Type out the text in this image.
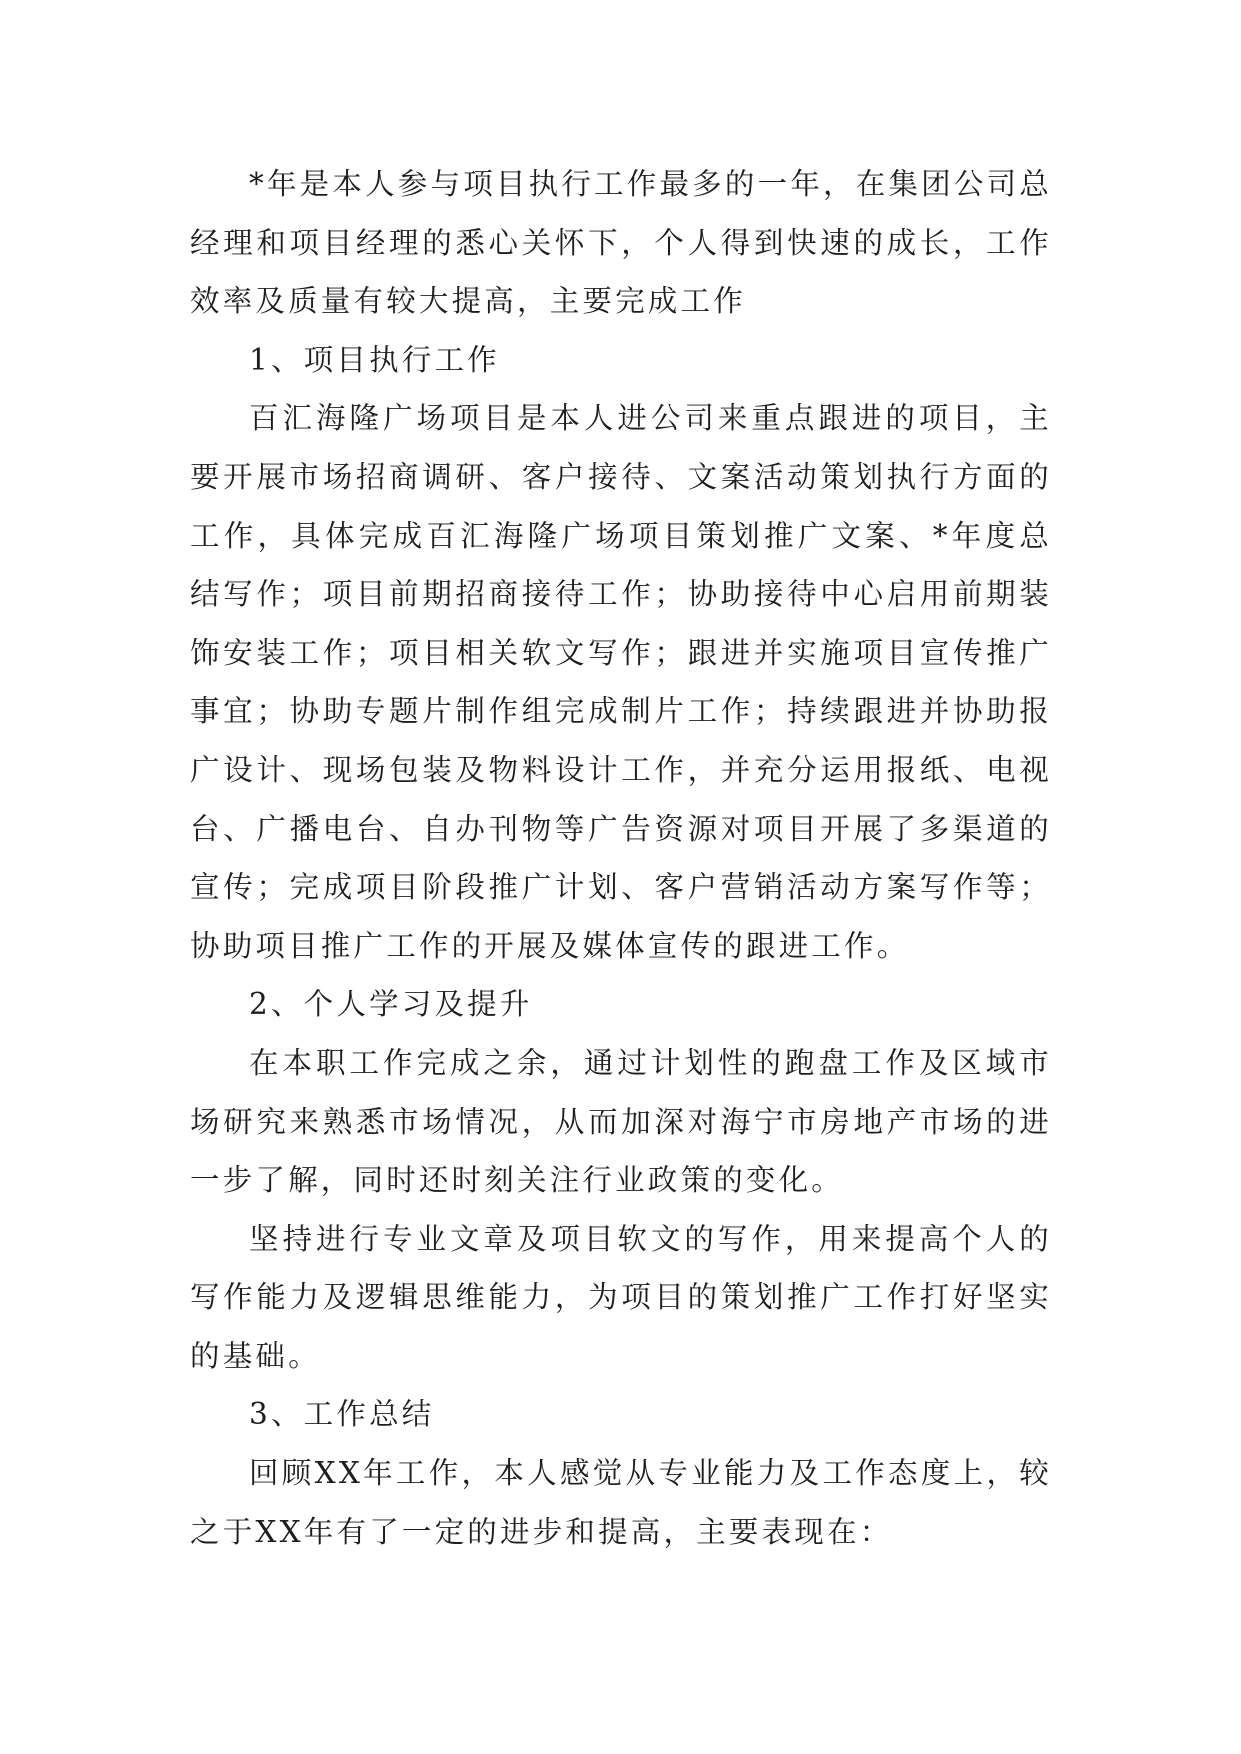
*年是本人参与项目执行工作最多的一年，在集团公司总经理和项目经理的悉心关怀下，个人得到快速的成长，工作效率及质量有较大提高，主要完成工作

1、项目执行工作

百汇海隆广场项目是本人进公司来重点跟进的项目，主要开展市场招商调研、客户接待、文案活动策划执行方面的工作，具体完成百汇海隆广场项目策划推广文案、*年度总结写作；项目前期招商接待工作；协助接待中心启用前期装饰安装工作；项目相关软文写作；跟进并实施项目宣传推广事宜；协助专题片制作组完成制片工作；持续跟进并协助报广设计、现场包装及物料设计工作，并充分运用报纸、电视台、广播电台、自办刊物等广告资源对项目开展了多渠道的宣传；完成项目阶段推广计划、客户营销活动方案写作等；协助项目推广工作的开展及媒体宣传的跟进工作。

2、个人学习及提升

在本职工作完成之余，通过计划性的跑盘工作及区域市场研究来熟悉市场情况，从而加深对海宁市房地产市场的进一步了解，同时还时刻关注行业政策的变化。

坚持进行专业文章及项目软文的写作，用来提高个人的写作能力及逻辑思维能力，为项目的策划推广工作打好坚实的基础。

3、工作总结

回顾XX年工作，本人感觉从专业能力及工作态度上，较之于XX年有了一定的进步和提高，主要表现在：
